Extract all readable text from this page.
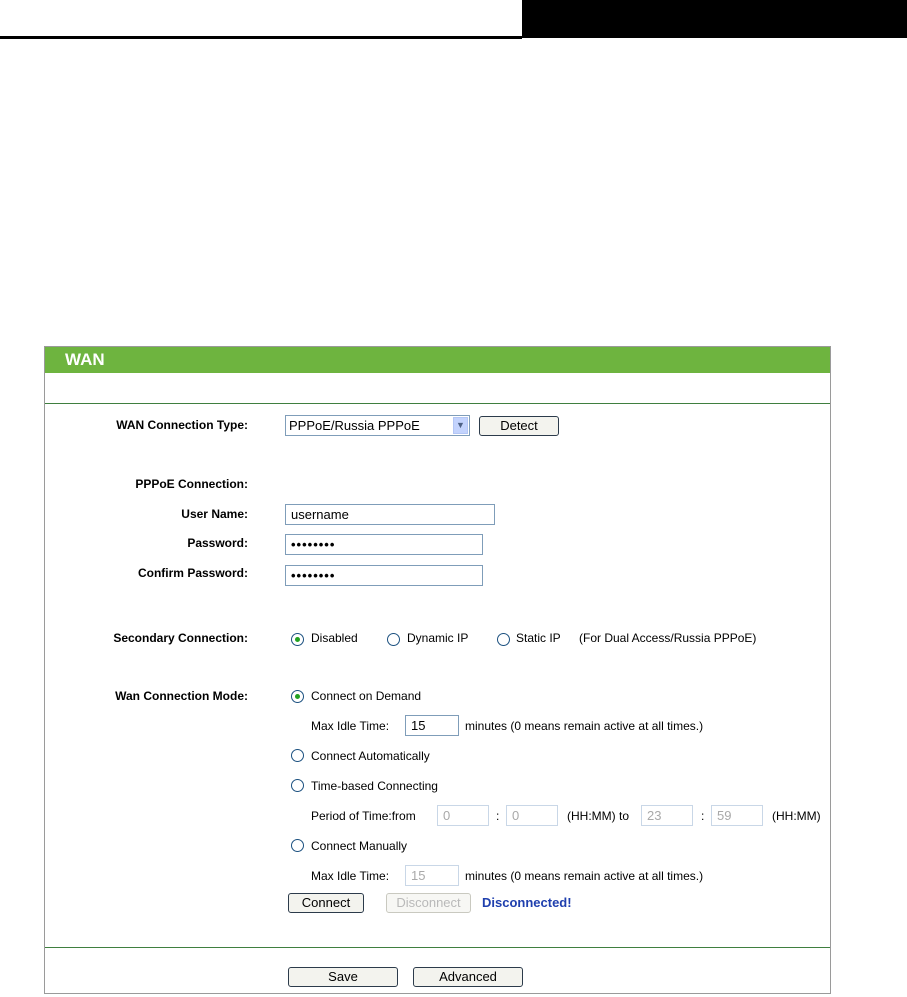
WAN
WAN Connection Type:	PPPoE/Russia PPPoE	▼	Detect
PPPoE Connection:
User Name:	username
Password:	••••••••
Confirm Password:	••••••••
Secondary Connection:	Disabled	Dynamic IP	Static IP (For Dual Access/Russia PPPoE)
Wan Connection Mode:	Connect on Demand
Max Idle Time:	15	minutes (0 means remain active at all times.)
Connect Automatically
Time-based Connecting
Period of Time:from	0	: 0	(HH:MM) to	23	: 59	(HH:MM)
Connect Manually
Max Idle Time:	15	minutes (0 means remain active at all times.)
Connect	Disconnect	Disconnected!
Save	Advanced
